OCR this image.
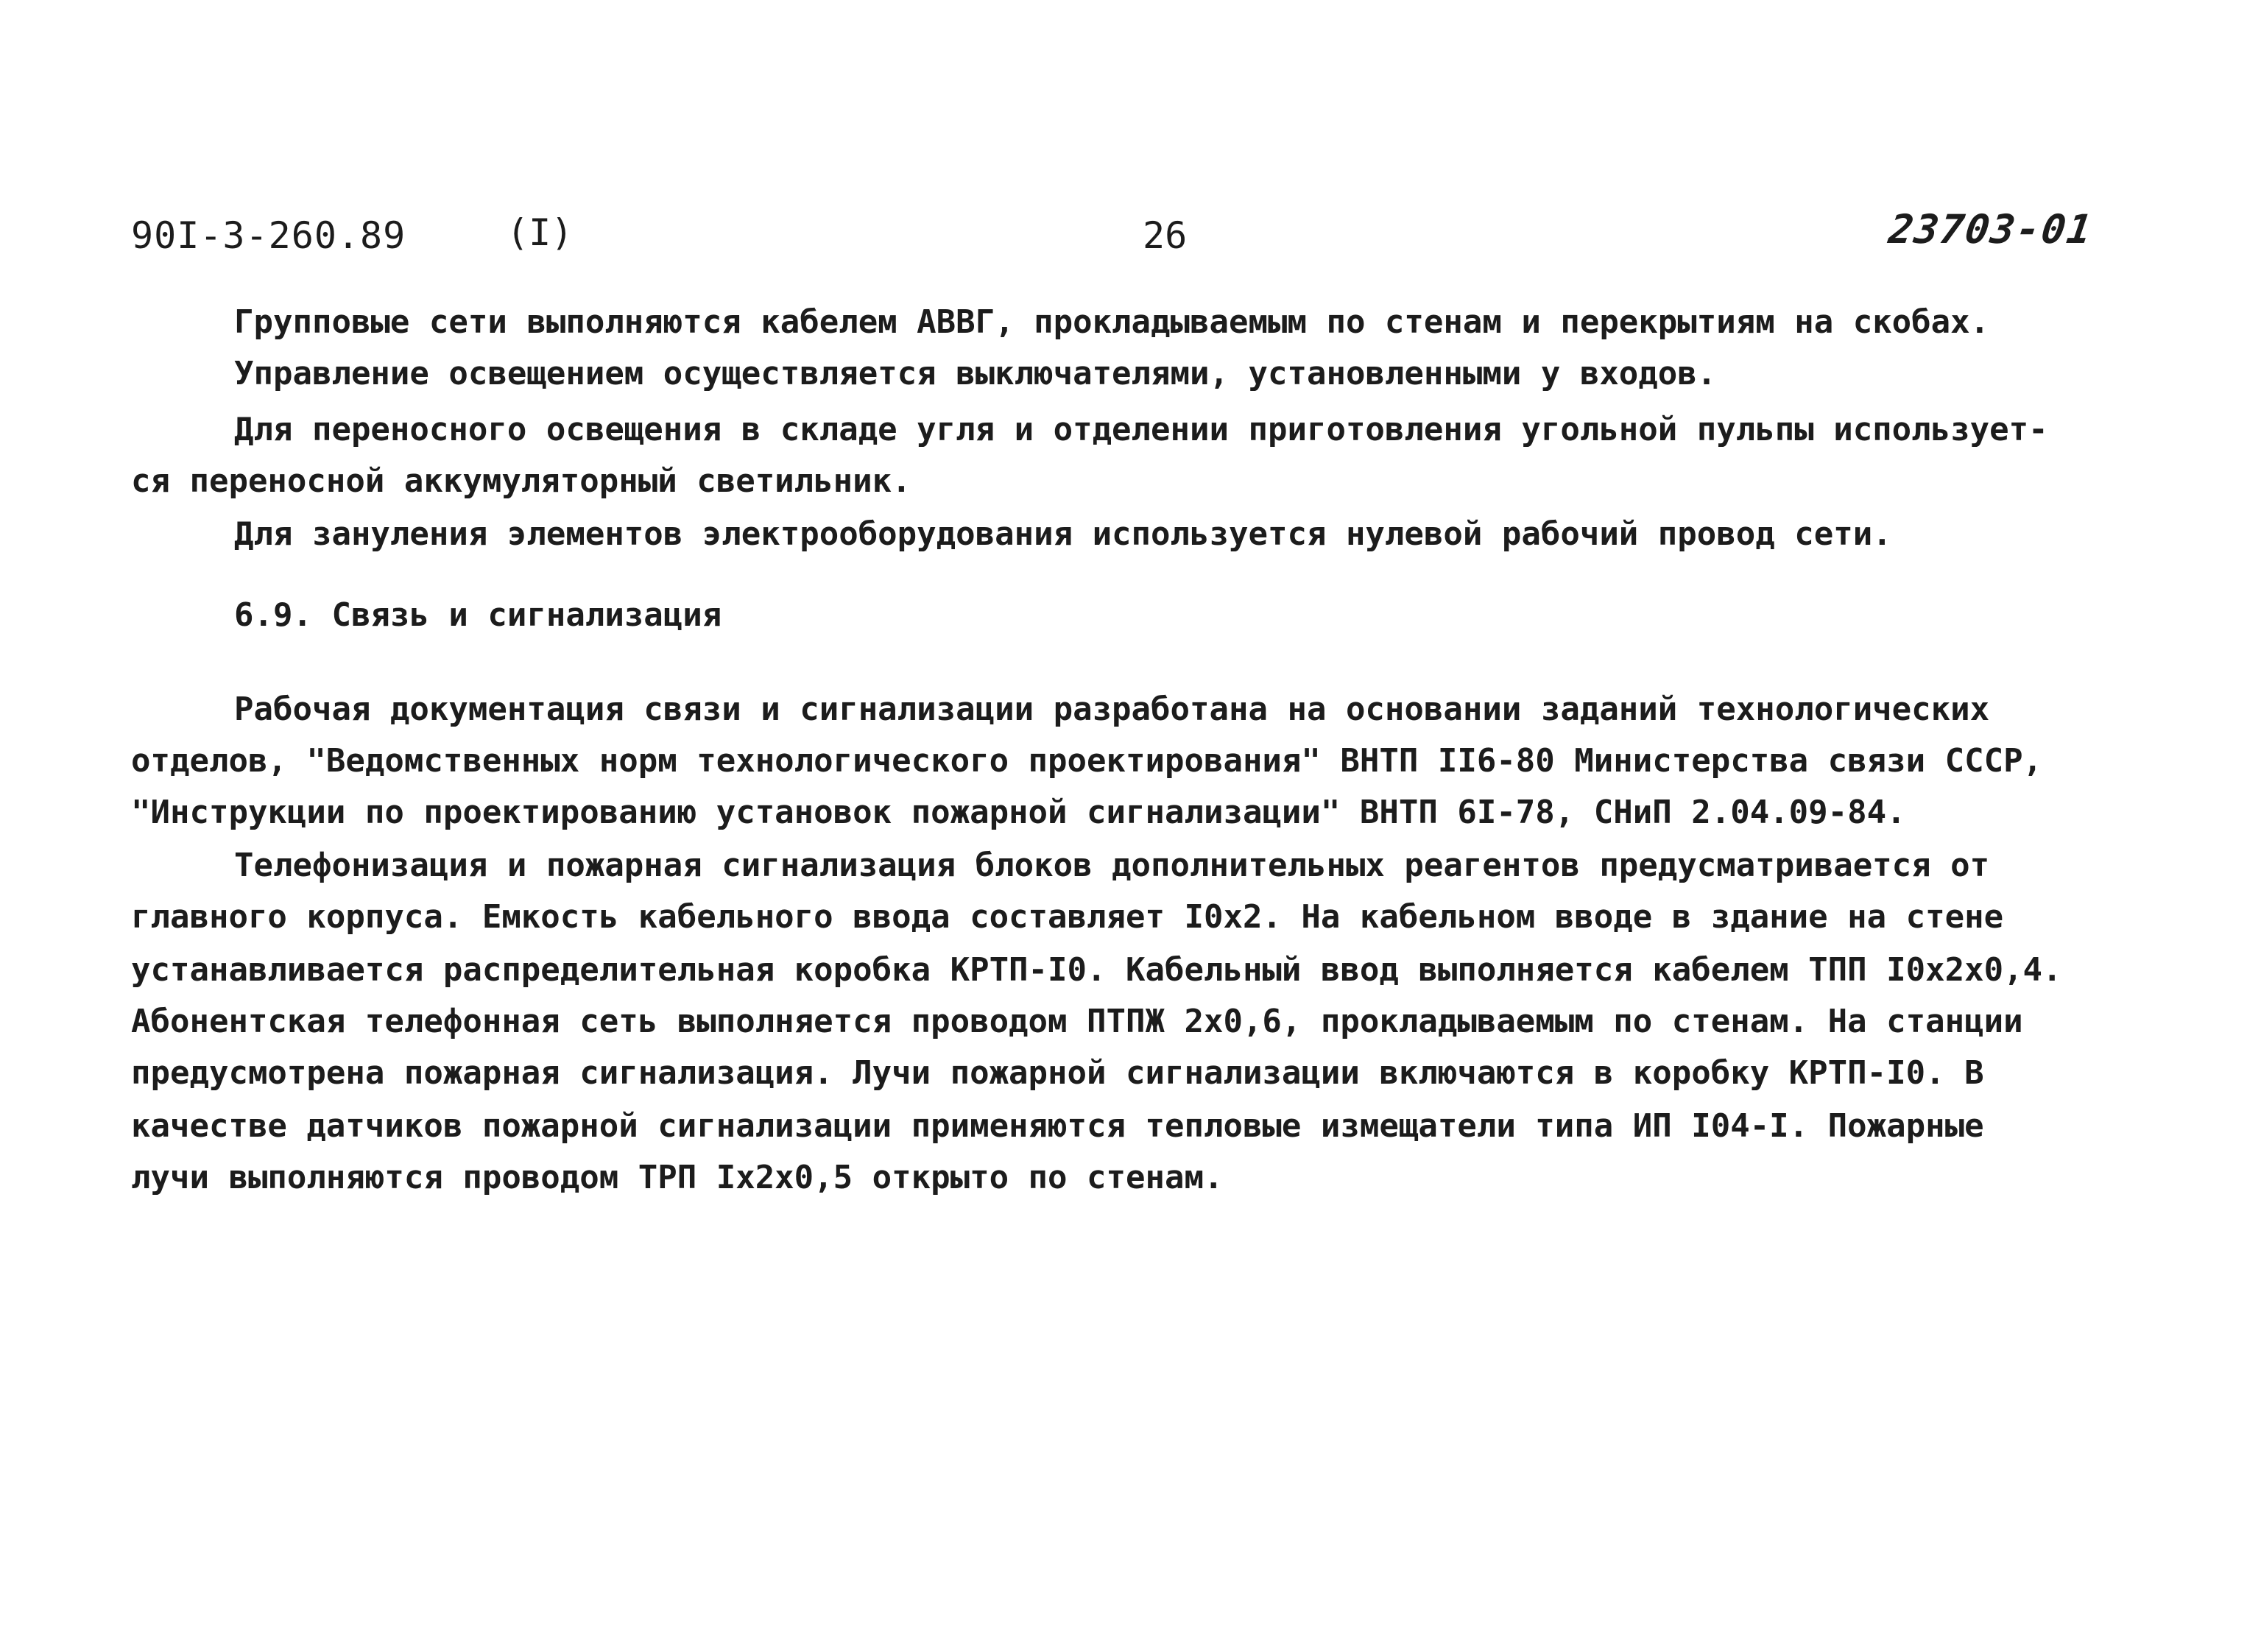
90I-3-260.89	(I)	26	23703-01
Групповые сети выполняются кабелем АВВГ, прокладываемым по стенам и перекрытиям на скобах.
Управление освещением осуществляется выключателями, установленными у входов.
Для переносного освещения в складе угля и отделении приготовления угольной пульпы использует-
ся переносной аккумуляторный светильник.
Для зануления элементов электрооборудования используется нулевой рабочий провод сети.
6.9. Связь и сигнализация
Рабочая документация связи и сигнализации разработана на основании заданий технологических
отделов, "Ведомственных норм технологического проектирования" ВНТП II6-80 Министерства связи СССР,
"Инструкции по проектированию установок пожарной сигнализации" ВНТП 6I-78, СНиП 2.04.09-84.
Телефонизация и пожарная сигнализация блоков дополнительных реагентов предусматривается от
главного корпуса. Емкость кабельного ввода составляет I0x2. На кабельном вводе в здание на стене
устанавливается распределительная коробка КРТП-I0. Кабельный ввод выполняется кабелем ТПП I0x2x0,4.
Абонентская телефонная сеть выполняется проводом ПТПЖ 2x0,6, прокладываемым по стенам. На станции
предусмотрена пожарная сигнализация. Лучи пожарной сигнализации включаются в коробку КРТП-I0. В
качестве датчиков пожарной сигнализации применяются тепловые измещатели типа ИП I04-I. Пожарные
лучи выполняются проводом ТРП Ix2x0,5 открыто по стенам.
